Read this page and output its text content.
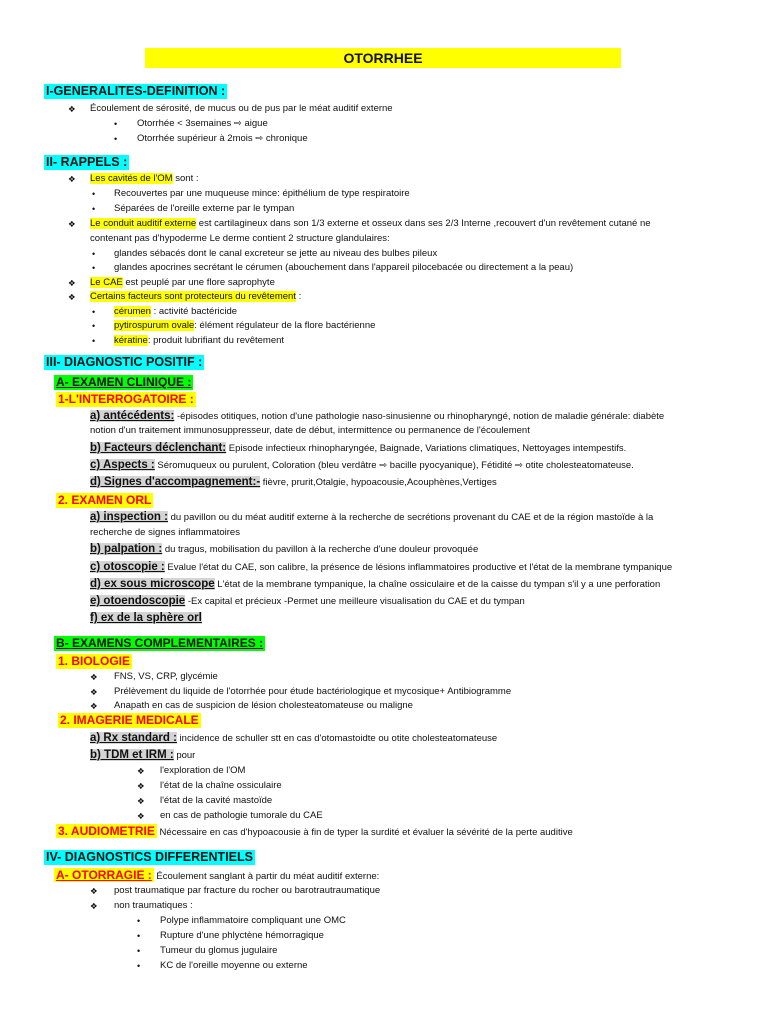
OTORRHEE
I-GENERALITES-DEFINITION :
❖ Écoulement de sérosité, de mucus ou de pus par le méat auditif externe
• Otorrhée < 3semaines ⇨ aigue
• Otorrhée supérieur à 2mois ⇨ chronique
II- RAPPELS :
❖ Les cavités de l'OM sont :
• Recouvertes par une muqueuse mince: épithélium de type respiratoire
• Séparées de l'oreille externe par le tympan
❖ Le conduit auditif externe est cartilagineux dans son 1/3 externe et osseux dans ses 2/3 Interne ,recouvert d'un revêtement cutané ne
contenant pas d'hypoderme Le derme contient 2 structure glandulaires:
• glandes sébacés dont le canal excreteur se jette au niveau des bulbes pileux
• glandes apocrines secrétant le cérumen (abouchement dans l'appareil pilocebacée ou directement a la peau)
❖ Le CAE est peuplé par une flore saprophyte
❖ Certains facteurs sont protecteurs du revêtement :
• cérumen : activité bactéricide
• pytirospurum ovale: élément régulateur de la flore bactérienne
• kératine: produit lubrifiant du revêtement
III- DIAGNOSTIC POSITIF :
A- EXAMEN CLINIQUE :
1-L'INTERROGATOIRE :
a) antécédents: -épisodes otitiques, notion d'une pathologie naso-sinusienne ou rhinopharyngé, notion de maladie générale: diabète
notion d'un traitement immunosuppresseur, date de début, intermittence ou permanence de l'écoulement
b) Facteurs déclenchant: Episode infectieux rhinopharyngée, Baignade, Variations climatiques, Nettoyages intempestifs.
c) Aspects : Séromuqueux ou purulent, Coloration (bleu verdâtre ⇨ bacille pyocyanique), Fétidité ⇨ otite cholesteatomateuse.
d) Signes d'accompagnement:- fièvre, prurit,Otalgie, hypoacousie,Acouphènes,Vertiges
2. EXAMEN ORL
a) inspection : du pavillon ou du méat auditif externe à la recherche de secrétions provenant du CAE et de la région mastoïde à la
recherche de signes inflammatoires
b) palpation : du tragus, mobilisation du pavillon à la recherche d'une douleur provoquée
c) otoscopie : Evalue l'état du CAE, son calibre, la présence de lésions inflammatoires productive et l'état de la membrane tympanique
d) ex sous microscope L'état de la membrane tympanique, la chaîne ossiculaire et de la caisse du tympan s'il y a une perforation
e) otoendoscopie -Ex capital et précieux -Permet une meilleure visualisation du CAE et du tympan
f) ex de la sphère orl
B- EXAMENS COMPLEMENTAIRES :
1. BIOLOGIE
❖ FNS, VS, CRP, glycémie
❖ Prélèvement du liquide de l'otorrhée pour étude bactériologique et mycosique+ Antibiogramme
❖ Anapath en cas de suspicion de lésion cholesteatomateuse ou maligne
2. IMAGERIE MEDICALE
a) Rx standard : incidence de schuller stt en cas d'otomastoidte ou otite cholesteatomateuse
b) TDM et IRM : pour
❖ l'exploration de l'OM
❖ l'état de la chaîne ossiculaire
❖ l'état de la cavité mastoïde
❖ en cas de pathologie tumorale du CAE
3. AUDIOMETRIE Nécessaire en cas d'hypoacousie à fin de typer la surdité et évaluer la sévérité de la perte auditive
IV- DIAGNOSTICS DIFFERENTIELS
A- OTORRAGIE : Écoulement sanglant à partir du méat auditif externe:
❖ post traumatique par fracture du rocher ou barotrautraumatique
❖ non traumatiques :
• Polype inflammatoire compliquant une OMC
• Rupture d'une phlyctène hémorragique
• Tumeur du glomus jugulaire
• KC de l'oreille moyenne ou externe
